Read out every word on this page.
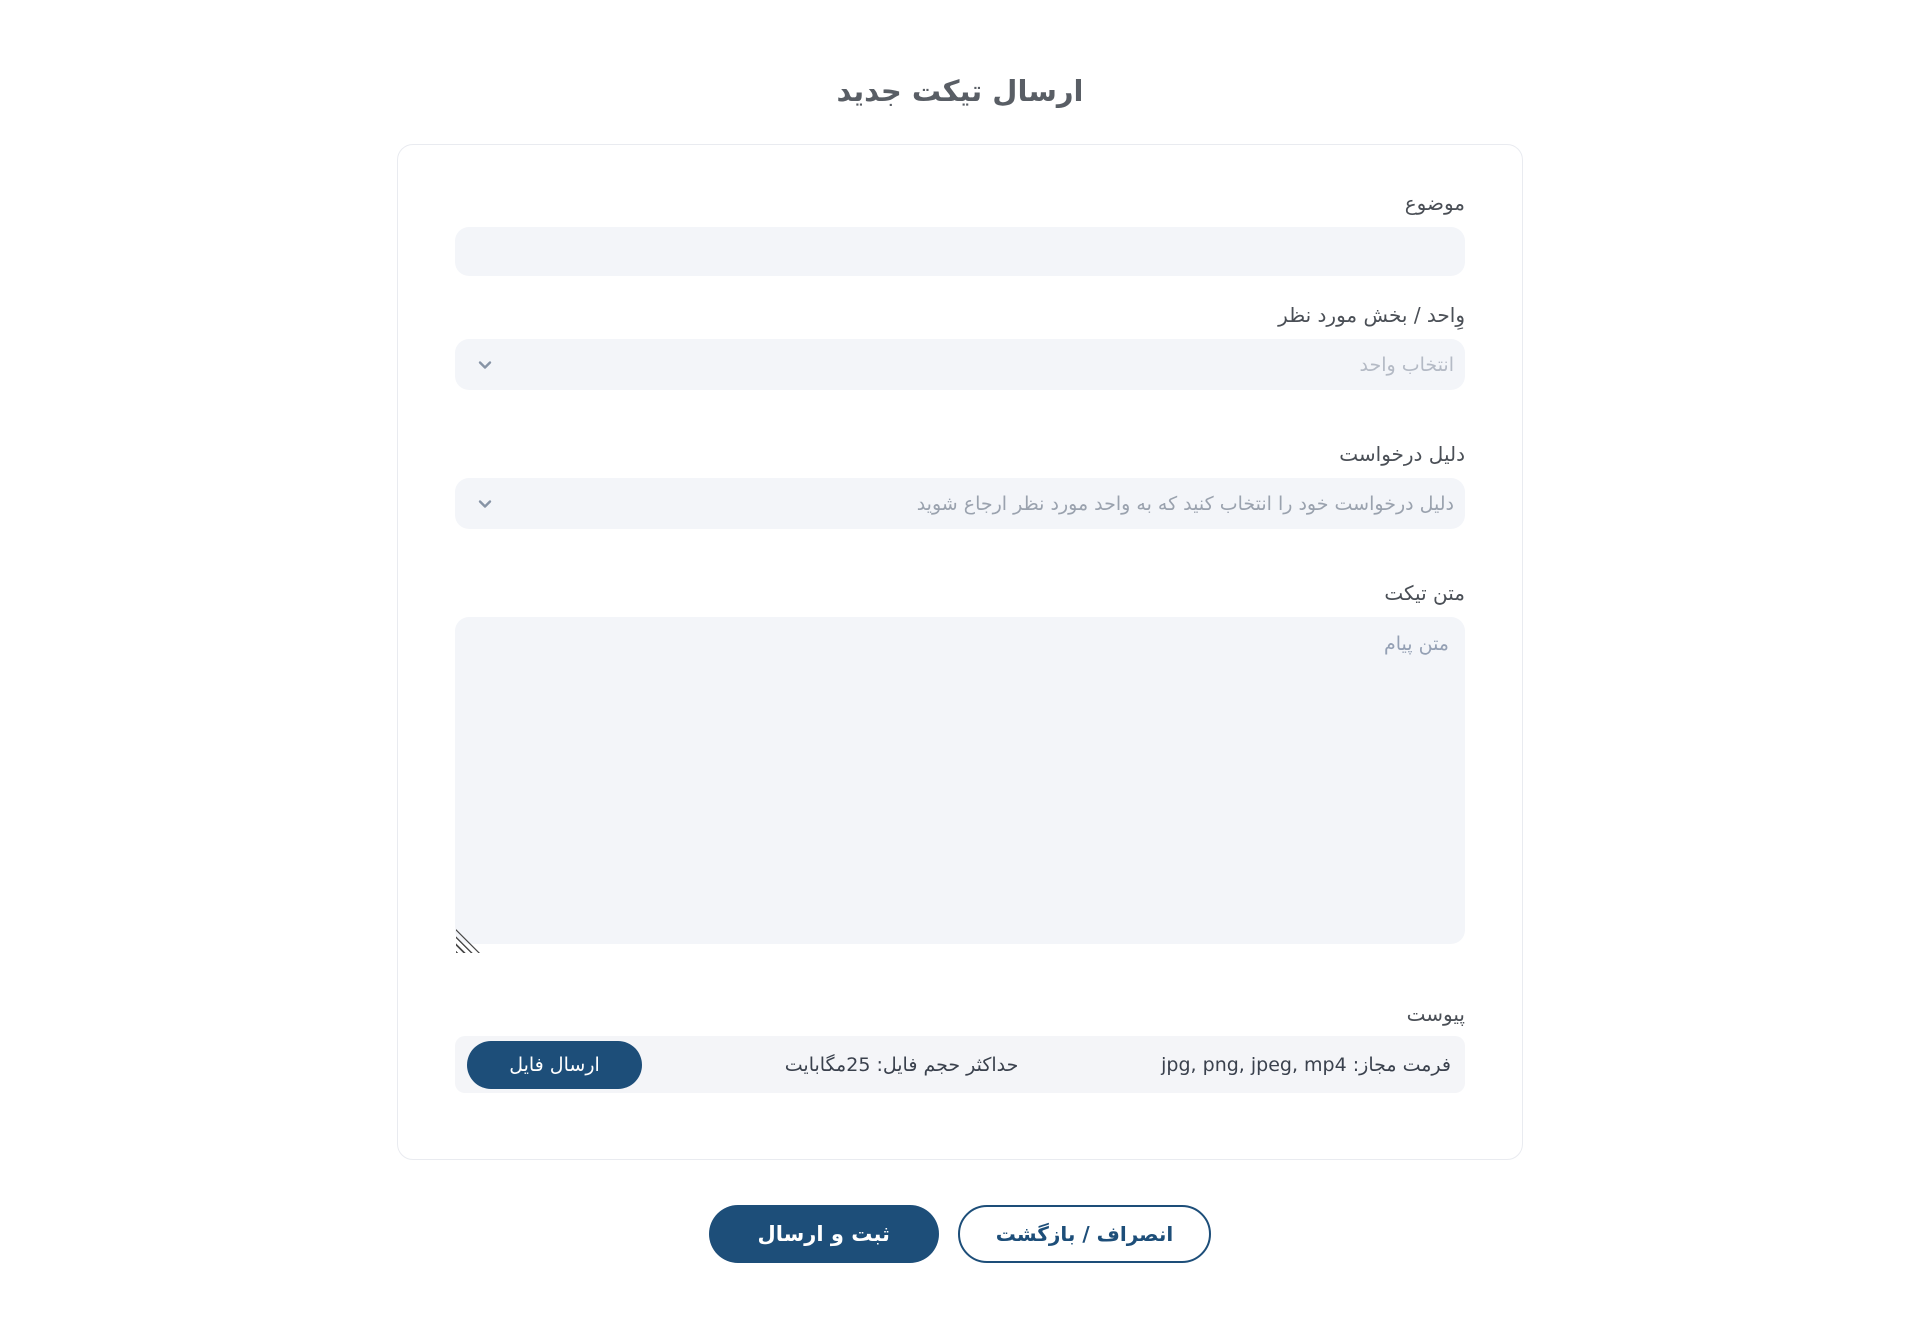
ارسال تیکت جدید
موضوع
وِاحد / بخش مورد نظر
انتخاب واحد
دلیل درخواست
دلیل درخواست خود را انتخاب کنید که به واحد مورد نظر ارجاع شوید
متن تیکت
متن پیام
پیوست
فرمت مجاز: jpg, png, jpeg, mp4
حداکثر حجم فایل: 25مگابایت
ارسال فایل
انصراف / بازگشت
ثبت و ارسال
